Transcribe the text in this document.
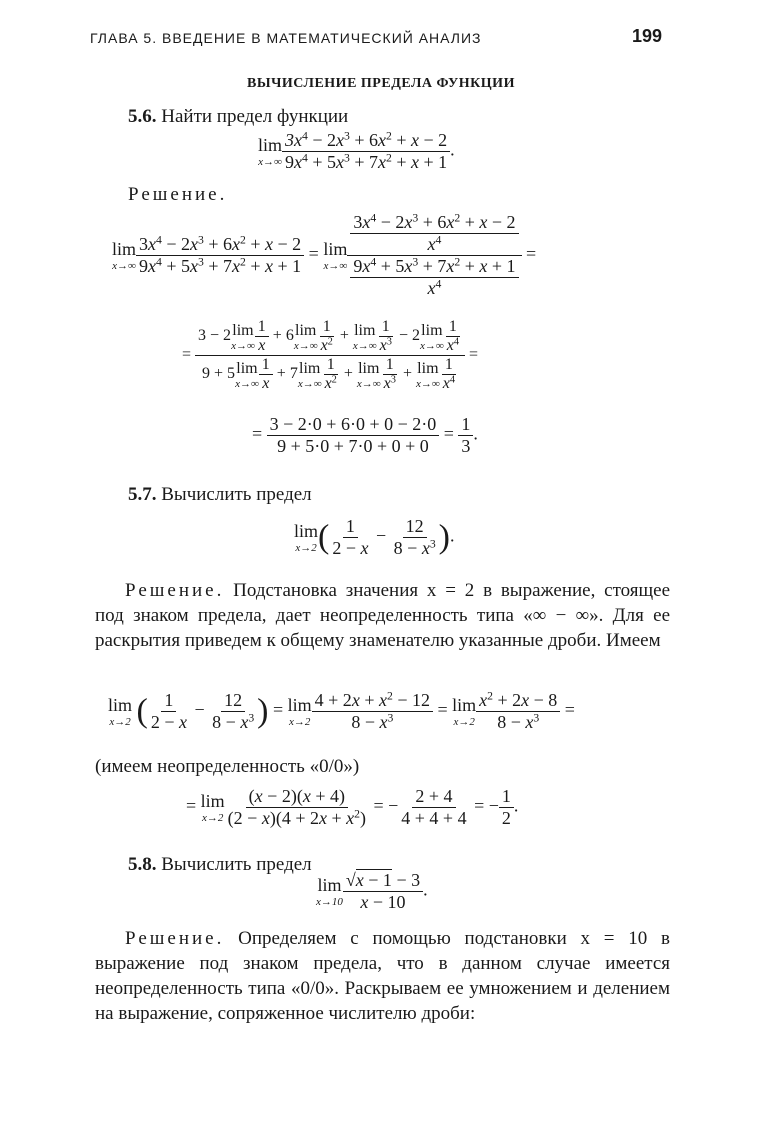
ГЛАВА 5. ВВЕДЕНИЕ В МАТЕМАТИЧЕСКИЙ АНАЛИЗ	199
ВЫЧИСЛЕНИЕ ПРЕДЕЛА ФУНКЦИИ
5.6. Найти предел функции
lim
$x\to\infty \frac{3x^4 - 2x^3 + 6x^2 + x - 2}{9x^4 + 5x^3 + 7x^2 + x + 1}$ .
Решение.
lim
$x\to\infty \frac{3x^4 - 2x^3 + 6x^2 + x - 2}{9x^4 + 5x^3 + 7x^2 + x + 1} = \lim$
$x\to\infty \frac{\frac{3x^4 - 2x^3 + 6x^2 + x - 2}{x^4}}{\frac{9x^4 + 5x^3 + 7x^2 + x + 1}{x^4}}$ =
= 3 − 2 lim
$x\to\infty \frac{1}{x} + 6$ lim
$x\to\infty \frac{1}{x^2} + \lim$
$x\to\infty \frac{1}{x^3} - 2$ lim
$x\to\infty \frac{1}{x^4}$
9 + 5 lim
$x\to\infty \frac{1}{x} + 7$ lim
$x\to\infty \frac{1}{x^2} + \lim$
$x\to\infty \frac{1}{x^3} + \lim$
$x\to\infty \frac{1}{x^4}$ =
= $\frac{3 - 2\cdot 0 + 6\cdot 0 + 0 - 2\cdot 0}{9 + 5\cdot 0 + 7\cdot 0 + 0 + 0} = \frac{1}{3}$ .
5.7. Вычислить предел
lim
x→2 ( $\frac{1}{2 - x} - \frac{12}{8 - x^3}$ ).
Решение. Подстановка значения x = 2 в выражение, стоящее под знаком предела, дает неопределенность типа «∞ − ∞». Для ее раскрытия приведем к общему знаменателю указанные дроби. Имеем
lim
x→2 ( $\frac{1}{2 - x} - \frac{12}{8 - x^3}$ ) = lim
$x\to 2 \frac{4 + 2x + x^2 - 12}{8 - x^3} = \lim$
$x\to 2 \frac{x^2 + 2x - 8}{8 - x^3}$ =
(имеем неопределенность «0/0»)
= lim
$x\to 2 \frac{(x - 2)(x + 4)}{(2 - x)(4 + 2x + x^2)}$ = − $\frac{2 + 4}{4 + 4 + 4}$ = − $\frac{1}{2}$ .
5.8. Вычислить предел
lim
$x\to 10 \frac{√x - 1 - 3}{x - 10}$ .
Решение. Определяем с помощью подстановки x = 10 в выражение под знаком предела, что в данном случае имеется неопределенность типа «0/0». Раскрываем ее умножением и делением на выражение, сопряженное числителю дроби:
